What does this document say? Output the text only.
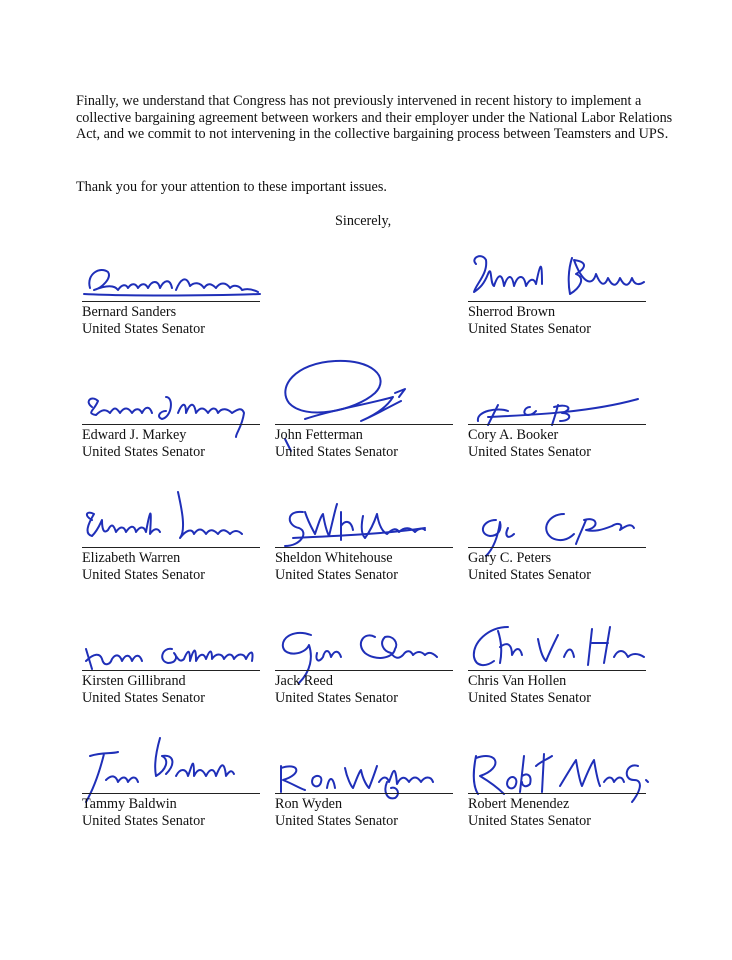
Finally, we understand that Congress has not previously intervened in recent history to implement a collective bargaining agreement between workers and their employer under the National Labor Relations Act, and we commit to not intervening in the collective bargaining process between Teamsters and UPS.

Thank you for your attention to these important issues.

Sincerely,
Bernard Sanders
United States Senator
Sherrod Brown
United States Senator
Edward J. Markey
United States Senator
John Fetterman
United States Senator
Cory A. Booker
United States Senator
Elizabeth Warren
United States Senator
Sheldon Whitehouse
United States Senator
Gary C. Peters
United States Senator
Kirsten Gillibrand
United States Senator
Jack Reed
United States Senator
Chris Van Hollen
United States Senator
Tammy Baldwin
United States Senator
Ron Wyden
United States Senator
Robert Menendez
United States Senator
